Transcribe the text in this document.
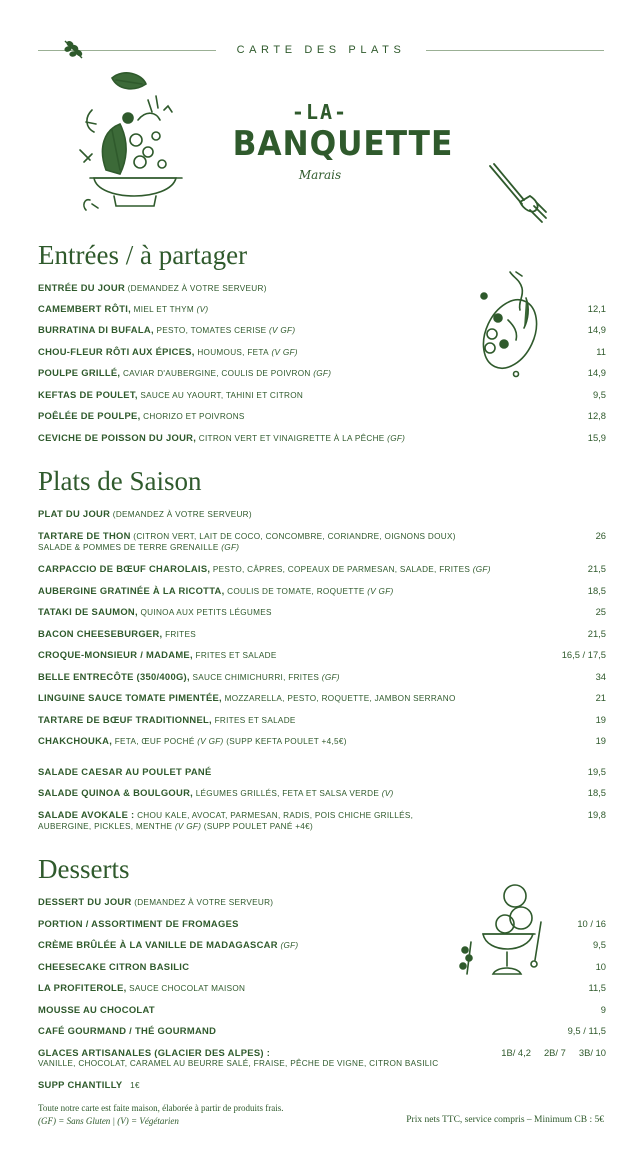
CARTE DES PLATS
-LA-
BANQUETTE
Marais
Entrées / à partager
ENTRÉE DU JOUR (DEMANDEZ À VOTRE SERVEUR)
CAMEMBERT RÔTI, MIEL ET THYM (V)	12,1
BURRATINA DI BUFALA, PESTO, TOMATES CERISE (V GF)	14,9
CHOU-FLEUR RÔTI AUX ÉPICES, HOUMOUS, FETA (V GF)	11
POULPE GRILLÉ, CAVIAR D'AUBERGINE, COULIS DE POIVRON (GF)	14,9
KEFTAS DE POULET, SAUCE AU YAOURT, TAHINI ET CITRON	9,5
POÊLÉE DE POULPE, CHORIZO ET POIVRONS	12,8
CEVICHE DE POISSON DU JOUR, CITRON VERT ET VINAIGRETTE À LA PÊCHE (GF)	15,9
Plats de Saison
PLAT DU JOUR (DEMANDEZ À VOTRE SERVEUR)
TARTARE DE THON (CITRON VERT, LAIT DE COCO, CONCOMBRE, CORIANDRE, OIGNONS DOUX)	26
SALADE & POMMES DE TERRE GRENAILLE (GF)
CARPACCIO DE BŒUF CHAROLAIS, PESTO, CÂPRES, COPEAUX DE PARMESAN, SALADE, FRITES (GF)	21,5
AUBERGINE GRATINÉE À LA RICOTTA, COULIS DE TOMATE, ROQUETTE (V GF)	18,5
TATAKI DE SAUMON, QUINOA AUX PETITS LÉGUMES	25
BACON CHEESEBURGER, FRITES	21,5
CROQUE-MONSIEUR / MADAME, FRITES ET SALADE	16,5 / 17,5
BELLE ENTRECÔTE (350/400G), SAUCE CHIMICHURRI, FRITES (GF)	34
LINGUINE SAUCE TOMATE PIMENTÉE, MOZZARELLA, PESTO, ROQUETTE, JAMBON SERRANO	21
TARTARE DE BŒUF TRADITIONNEL, FRITES ET SALADE	19
CHAKCHOUKA, FETA, ŒUF POCHÉ (V GF) (SUPP KEFTA POULET +4,5€)	19
SALADE CAESAR AU POULET PANÉ	19,5
SALADE QUINOA & BOULGOUR, LÉGUMES GRILLÉS, FETA ET SALSA VERDE (V)	18,5
SALADE AVOKALE : CHOU KALE, AVOCAT, PARMESAN, RADIS, POIS CHICHE GRILLÉS,	19,8
AUBERGINE, PICKLES, MENTHE (V GF) (SUPP POULET PANÉ +4€)
Desserts
DESSERT DU JOUR (DEMANDEZ À VOTRE SERVEUR)
PORTION / ASSORTIMENT DE FROMAGES	10 / 16
CRÈME BRÛLÉE À LA VANILLE DE MADAGASCAR (GF)	9,5
CHEESECAKE CITRON BASILIC	10
LA PROFITEROLE, SAUCE CHOCOLAT MAISON	11,5
MOUSSE AU CHOCOLAT	9
CAFÉ GOURMAND / THÉ GOURMAND	9,5 / 11,5
GLACES ARTISANALES (GLACIER DES ALPES) :	1B/ 4,2     2B/ 7     3B/ 10
VANILLE, CHOCOLAT, CARAMEL AU BEURRE SALÉ, FRAISE, PÊCHE DE VIGNE, CITRON BASILIC
SUPP CHANTILLY   1€
Toute notre carte est faite maison, élaborée à partir de produits frais.
(GF) = Sans Gluten | (V) = Végétarien	Prix nets TTC, service compris – Minimum CB : 5€
